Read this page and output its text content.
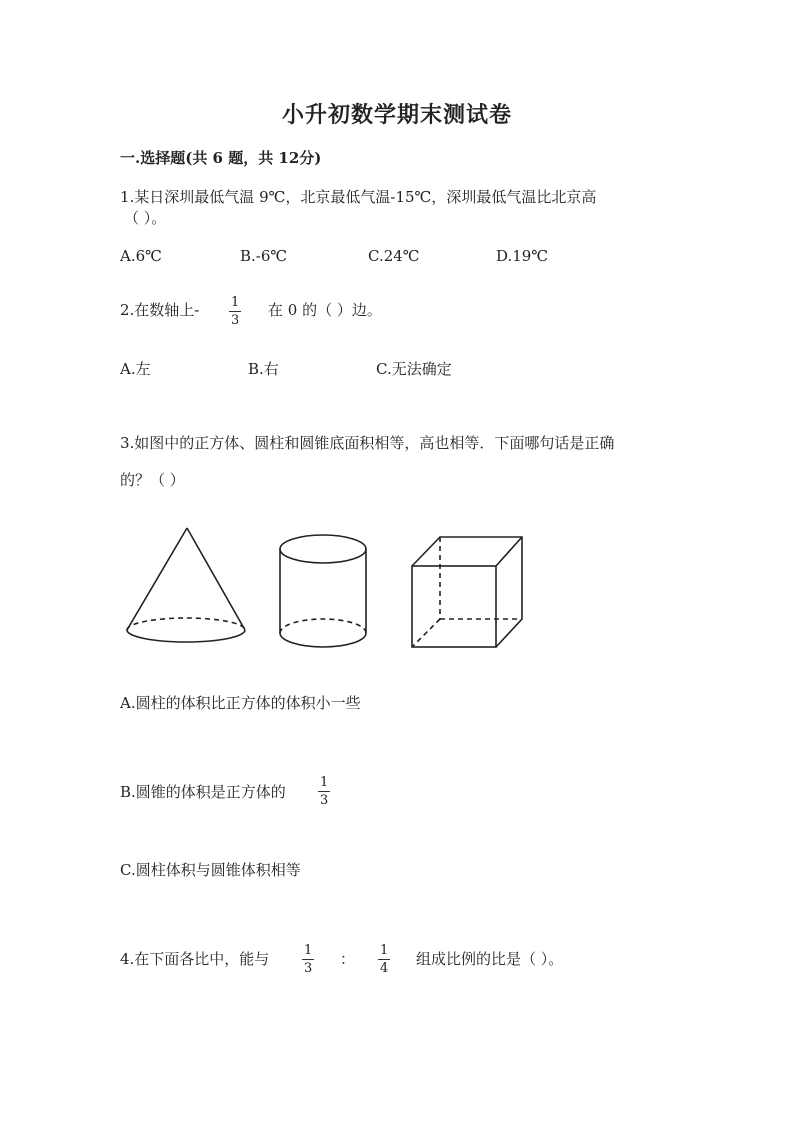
小升初数学期末测试卷
一.选择题(共 6 题，共 12分)
1.某日深圳最低气温 9℃，北京最低气温-15℃，深圳最低气温比北京高
（ ）。
A.6℃	B.-6℃	C.24℃	D.19℃
2.在数轴上- 1
3
在 0 的（ ）边。
A.左	B.右	C.无法确定
3.如图中的正方体、圆柱和圆锥底面积相等，高也相等．下面哪句话是正确
的？（ ）
A.圆柱的体积比正方体的体积小一些
B.圆锥的体积是正方体的
1
3
C.圆柱体积与圆锥体积相等
4.在下面各比中，能与	1
3
： 1
4
组成比例的比是（ ）。
